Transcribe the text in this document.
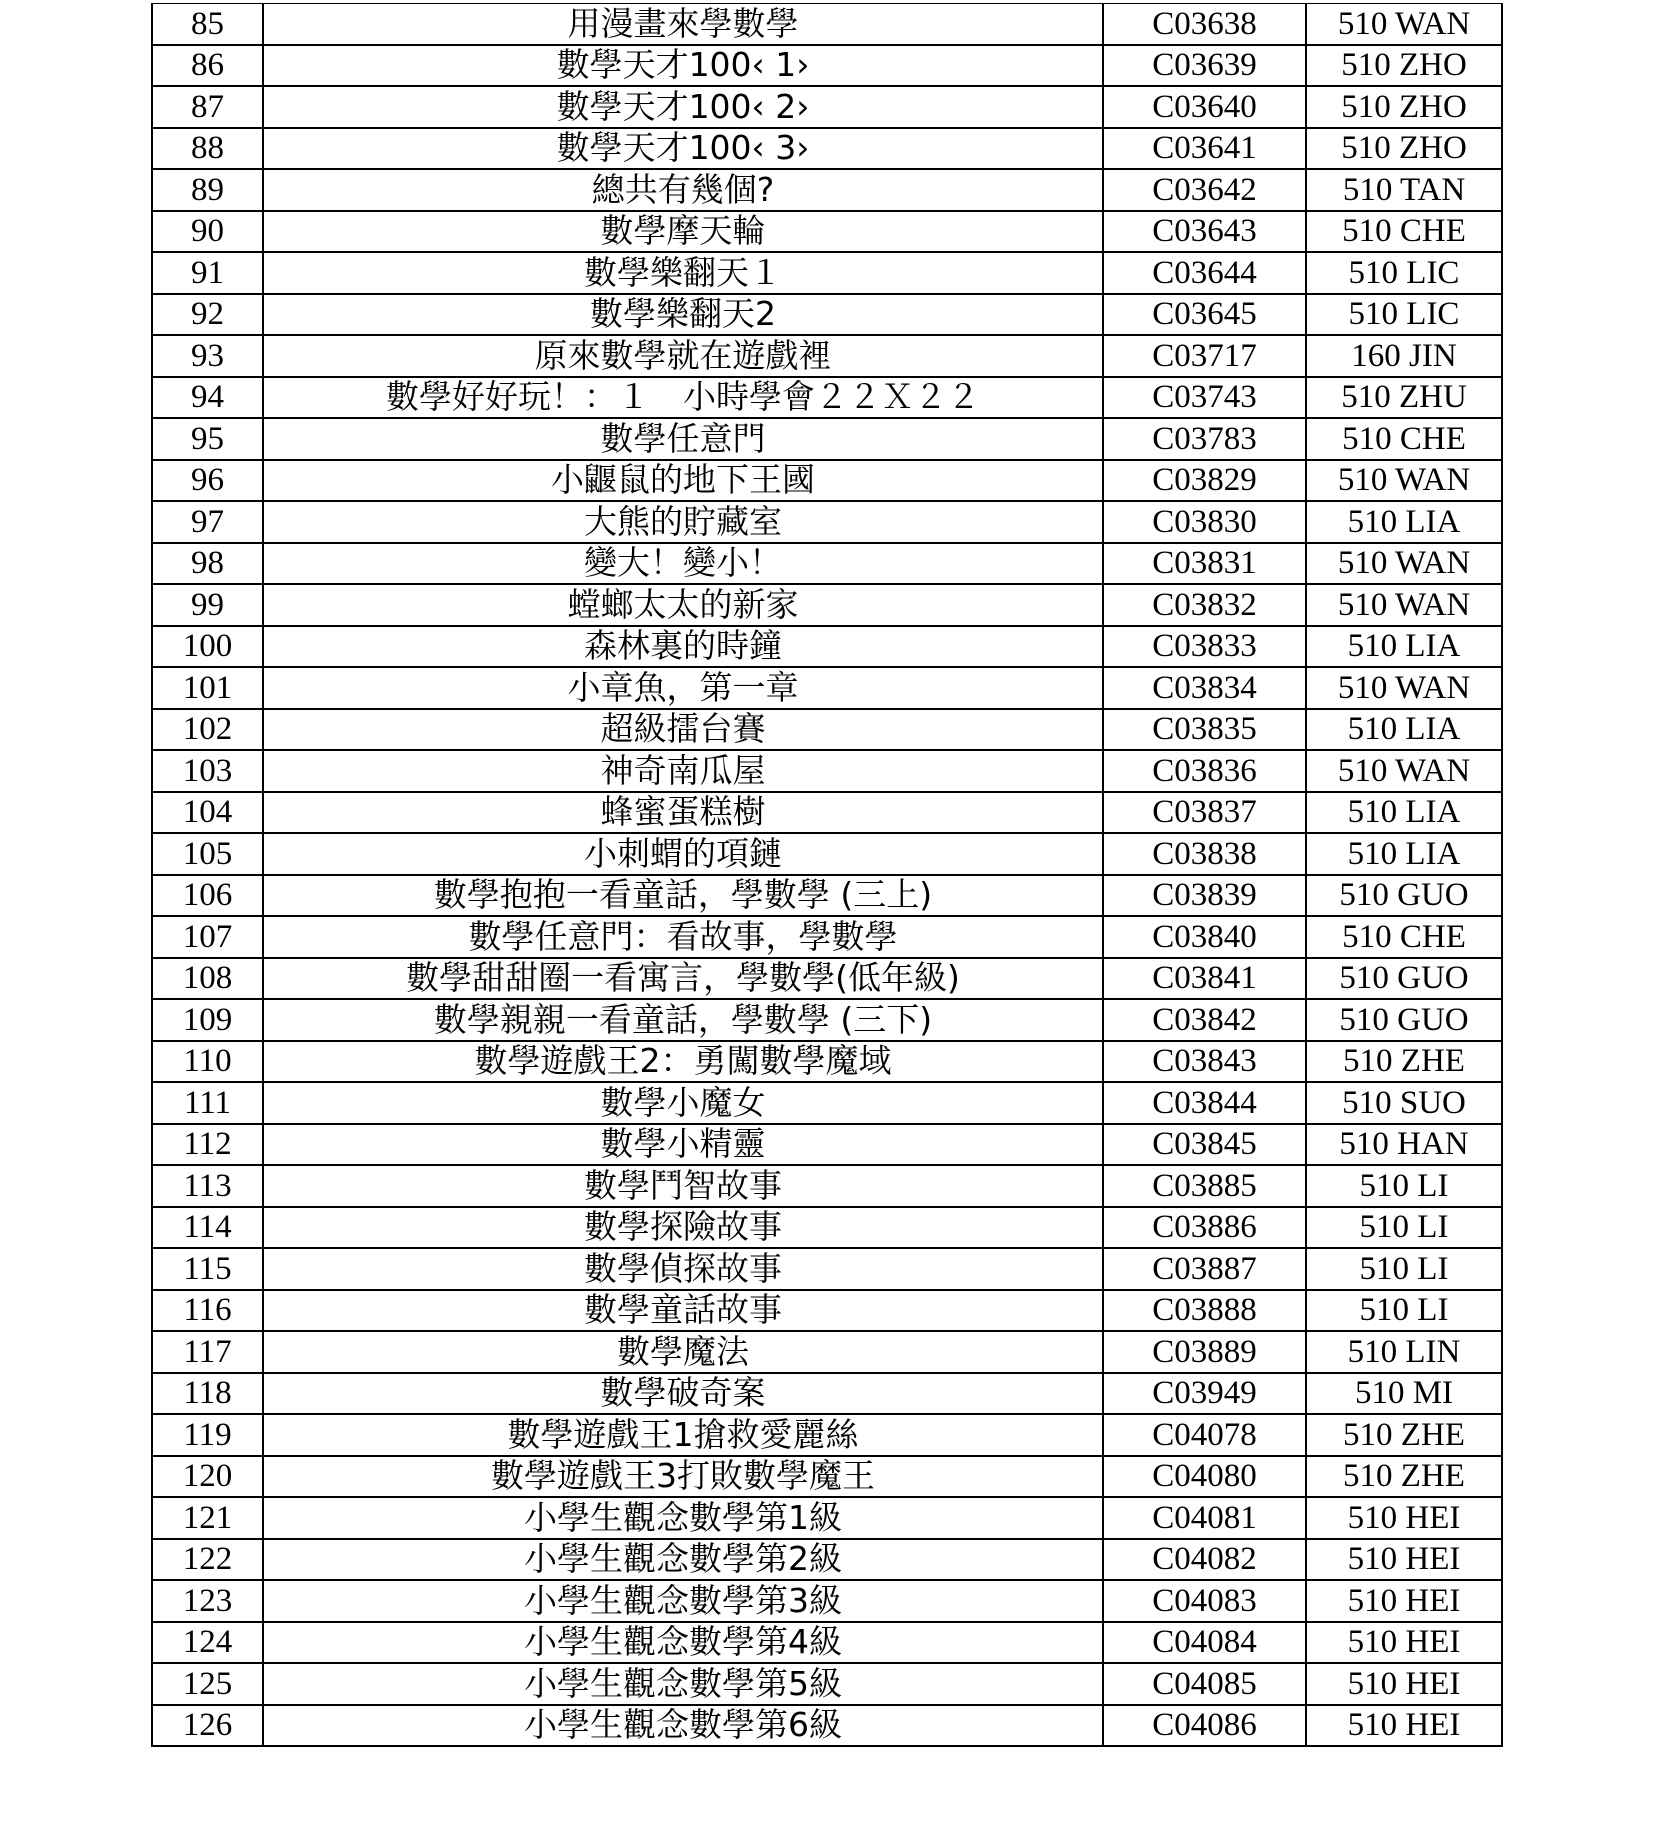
85	用漫畫來學數學	C03638	510 WAN
86	數學天才100‹ 1›	C03639	510 ZHO
87	數學天才100‹ 2›	C03640	510 ZHO
88	數學天才100‹ 3›	C03641	510 ZHO
89	總共有幾個?	C03642	510 TAN
90	數學摩天輪	C03643	510 CHE
91	數學樂翻天１	C03644	510 LIC
92	數學樂翻天2	C03645	510 LIC
93	原來數學就在遊戲裡	C03717	160 JIN
94	數學好好玩！：１　小時學會２２Ｘ２２	C03743	510 ZHU
95	數學任意門	C03783	510 CHE
96	小鼴鼠的地下王國	C03829	510 WAN
97	大熊的貯藏室	C03830	510 LIA
98	變大！變小！	C03831	510 WAN
99	螳螂太太的新家	C03832	510 WAN
100	森林裏的時鐘	C03833	510 LIA
101	小章魚，第一章	C03834	510 WAN
102	超級擂台賽	C03835	510 LIA
103	神奇南瓜屋	C03836	510 WAN
104	蜂蜜蛋糕樹	C03837	510 LIA
105	小刺蝟的項鏈	C03838	510 LIA
106	數學抱抱一看童話，學數學 (三上)	C03839	510 GUO
107	數學任意門：看故事，學數學	C03840	510 CHE
108	數學甜甜圈一看寓言，學數學(低年級)	C03841	510 GUO
109	數學親親一看童話，學數學 (三下)	C03842	510 GUO
110	數學遊戲王2：勇闖數學魔域	C03843	510 ZHE
111	數學小魔女	C03844	510 SUO
112	數學小精靈	C03845	510 HAN
113	數學鬥智故事	C03885	510 LI
114	數學探險故事	C03886	510 LI
115	數學偵探故事	C03887	510 LI
116	數學童話故事	C03888	510 LI
117	數學魔法	C03889	510 LIN
118	數學破奇案	C03949	510 MI
119	數學遊戲王1搶救愛麗絲	C04078	510 ZHE
120	數學遊戲王3打敗數學魔王	C04080	510 ZHE
121	小學生觀念數學第1級	C04081	510 HEI
122	小學生觀念數學第2級	C04082	510 HEI
123	小學生觀念數學第3級	C04083	510 HEI
124	小學生觀念數學第4級	C04084	510 HEI
125	小學生觀念數學第5級	C04085	510 HEI
126	小學生觀念數學第6級	C04086	510 HEI
